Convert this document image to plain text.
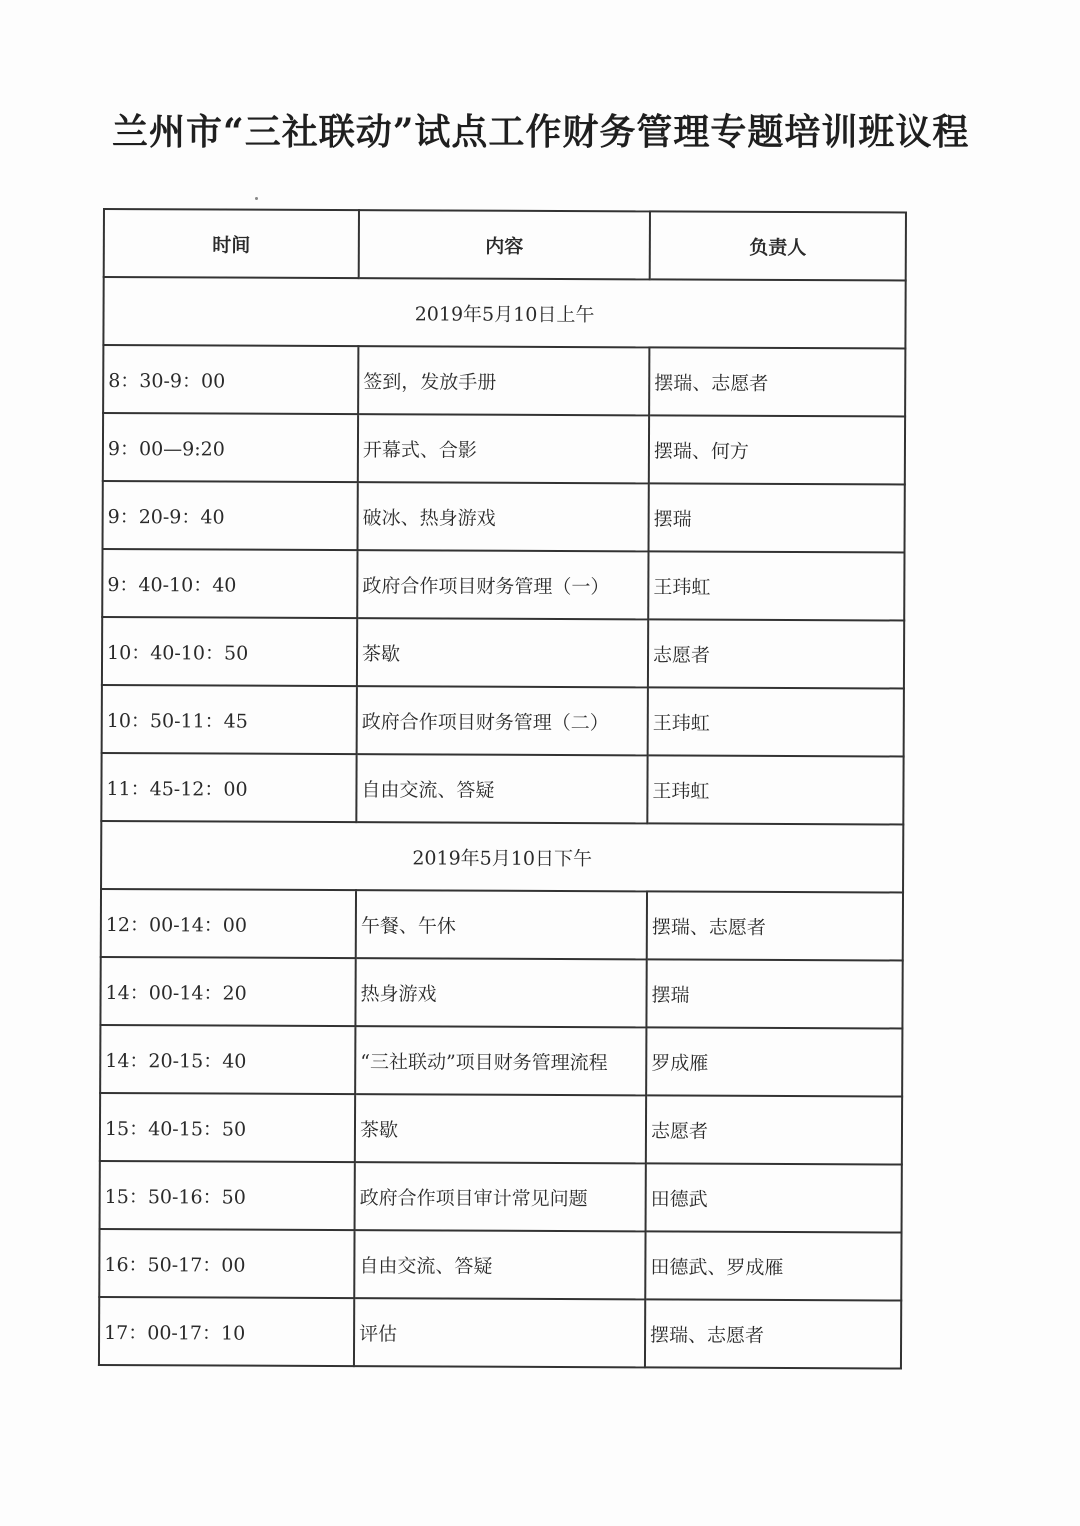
兰州市“三社联动”试点工作财务管理专题培训班议程
时间	内容	负责人
2019年5月10日上午		
8：30-9：00	签到，发放手册	摆瑞、志愿者
9：00—9:20	开幕式、合影	摆瑞、何方
9：20-9：40	破冰、热身游戏	摆瑞
9：40-10：40	政府合作项目财务管理（一）	王玮虹
10：40-10：50	茶歇	志愿者
10：50-11：45	政府合作项目财务管理（二）	王玮虹
11：45-12：00	自由交流、答疑	王玮虹
2019年5月10日下午		
12：00-14：00	午餐、午休	摆瑞、志愿者
14：00-14：20	热身游戏	摆瑞
14：20-15：40	“三社联动”项目财务管理流程	罗成雁
15：40-15：50	茶歇	志愿者
15：50-16：50	政府合作项目审计常见问题	田德武
16：50-17：00	自由交流、答疑	田德武、罗成雁
17：00-17：10	评估	摆瑞、志愿者
